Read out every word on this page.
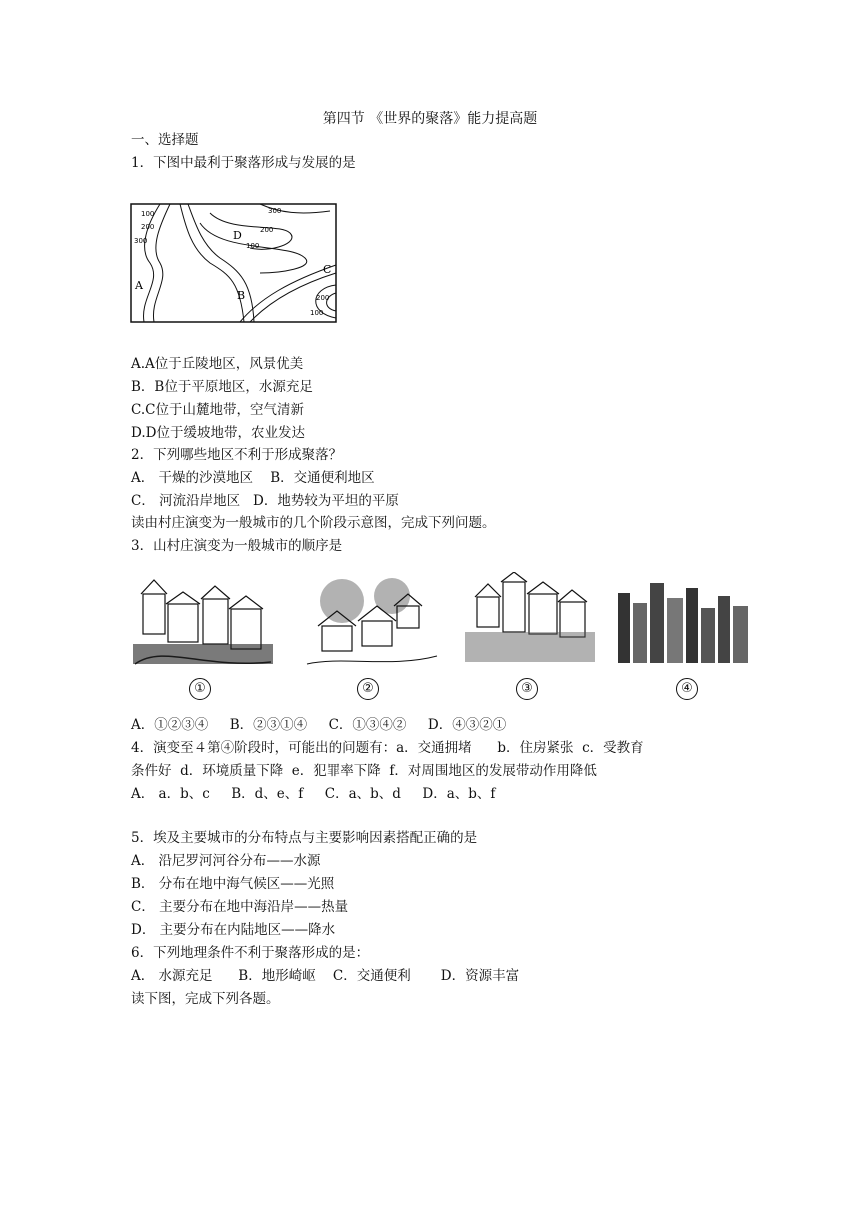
第四节 《世界的聚落》能力提高题
一、选择题
1．下图中最利于聚落形成与发展的是
100
200
300
300
200
100
200
100
A
B
C
D
A.A位于丘陵地区，风景优美
B．B位于平原地区，水源充足
C.C位于山麓地带，空气清新
D.D位于缓坡地带，农业发达
2．下列哪些地区不利于形成聚落？
A． 干燥的沙漠地区    B．交通便利地区
C． 河流沿岸地区   D．地势较为平坦的平原
读由村庄演变为一般城市的几个阶段示意图，完成下列问题。
3．山村庄演变为一般城市的顺序是
①	②	③	④
A．①②③④     B．②③①④     C．①③④②     D．④③②①
4．演变至４第④阶段时，可能出的问题有：a．交通拥堵      b．住房紧张  c．受教育
条件好  d．环境质量下降  e．犯罪率下降  f．对周围地区的发展带动作用降低
A． a．b、c     B．d、e、f     C．a、b、d     D．a、b、f
5．埃及主要城市的分布特点与主要影响因素搭配正确的是
A． 沿尼罗河河谷分布——水源
B． 分布在地中海气候区——光照
C． 主要分布在地中海沿岸——热量
D． 主要分布在内陆地区——降水
6．下列地理条件不利于聚落形成的是：
A． 水源充足      B．地形崎岖    C．交通便利       D．资源丰富
读下图，完成下列各题。
